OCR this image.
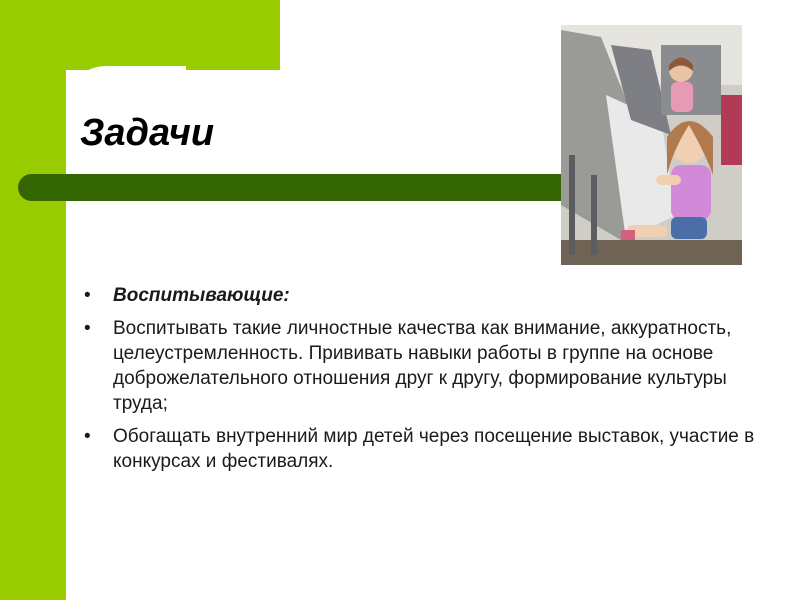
Задачи
•	Воспитывающие:
•	Воспитывать такие личностные качества как внимание, аккуратность, целеустремленность. Прививать навыки работы в группе на основе доброжелательного отношения друг к другу, формирование культуры труда;
•	Обогащать внутренний мир детей через посещение выставок, участие в конкурсах и фестивалях.
